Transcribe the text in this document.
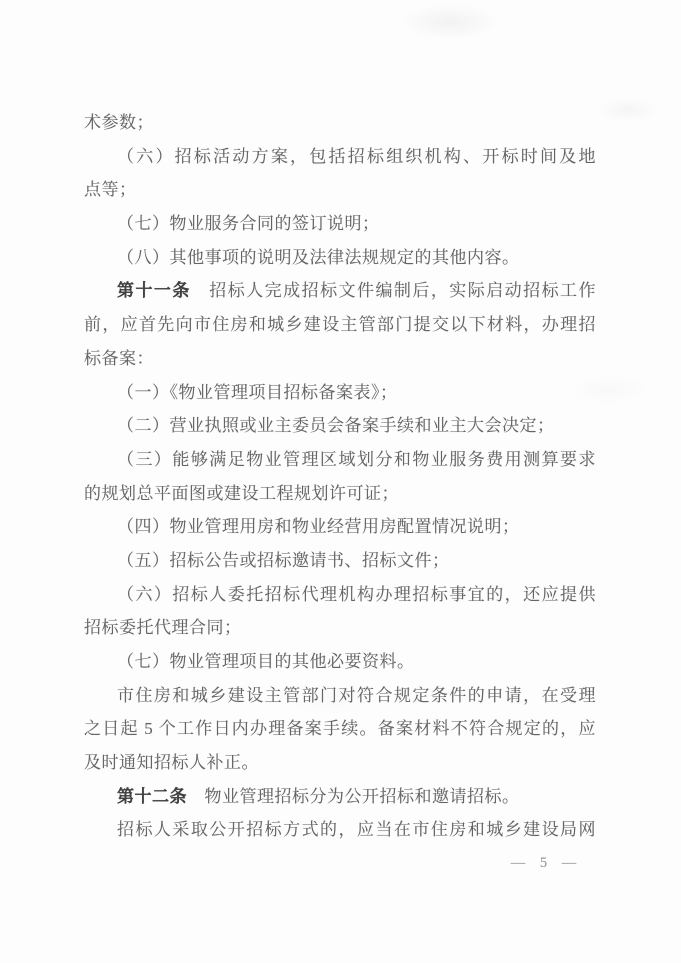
术参数；
（六）招标活动方案，包括招标组织机构、开标时间及地
点等；
（七）物业服务合同的签订说明；
（八）其他事项的说明及法律法规规定的其他内容。
第十一条　招标人完成招标文件编制后，实际启动招标工作
前，应首先向市住房和城乡建设主管部门提交以下材料，办理招
标备案：
（一）《物业管理项目招标备案表》；
（二）营业执照或业主委员会备案手续和业主大会决定；
（三）能够满足物业管理区域划分和物业服务费用测算要求
的规划总平面图或建设工程规划许可证；
（四）物业管理用房和物业经营用房配置情况说明；
（五）招标公告或招标邀请书、招标文件；
（六）招标人委托招标代理机构办理招标事宜的，还应提供
招标委托代理合同；
（七）物业管理项目的其他必要资料。
市住房和城乡建设主管部门对符合规定条件的申请，在受理
之日起 5 个工作日内办理备案手续。备案材料不符合规定的，应
及时通知招标人补正。
第十二条　物业管理招标分为公开招标和邀请招标。
招标人采取公开招标方式的，应当在市住房和城乡建设局网
— 5 —
